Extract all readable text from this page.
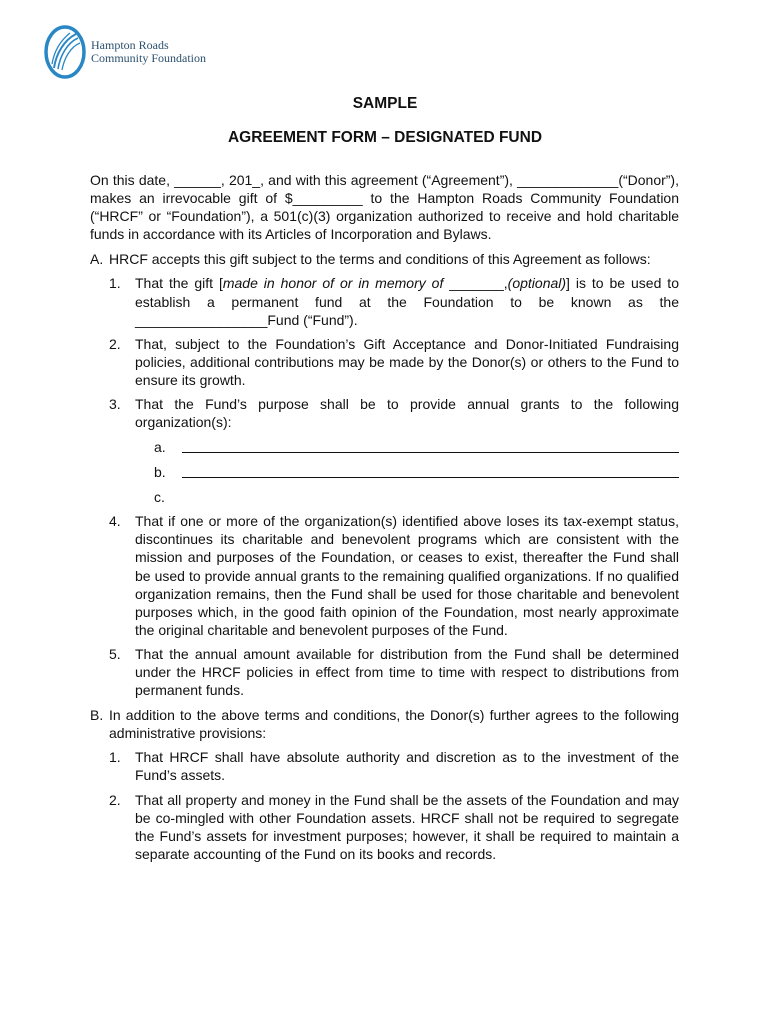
Hampton Roads
Community Foundation
SAMPLE
AGREEMENT FORM – DESIGNATED FUND

On this date, ______, 201_, and with this agreement (“Agreement”), _____________(“Donor”), makes an irrevocable gift of $_________ to the Hampton Roads Community Foundation (“HRCF” or “Foundation”), a 501(c)(3) organization authorized to receive and hold charitable funds in accordance with its Articles of Incorporation and Bylaws.

A. HRCF accepts this gift subject to the terms and conditions of this Agreement as follows:
1.	That the gift [made in honor of or in memory of _______,(optional)] is to be used to establish a permanent fund at the Foundation to be known as the _________________Fund (“Fund”).
2.	That, subject to the Foundation’s Gift Acceptance and Donor-Initiated Fundraising policies, additional contributions may be made by the Donor(s) or others to the Fund to ensure its growth.
3.	That the Fund’s purpose shall be to provide annual grants to the following organization(s):
a.
b.
c.
4.	That if one or more of the organization(s) identified above loses its tax-exempt status, discontinues its charitable and benevolent programs which are consistent with the mission and purposes of the Foundation, or ceases to exist, thereafter the Fund shall be used to provide annual grants to the remaining qualified organizations. If no qualified organization remains, then the Fund shall be used for those charitable and benevolent purposes which, in the good faith opinion of the Foundation, most nearly approximate the original charitable and benevolent purposes of the Fund.
5.	That the annual amount available for distribution from the Fund shall be determined under the HRCF policies in effect from time to time with respect to distributions from permanent funds.
B. In addition to the above terms and conditions, the Donor(s) further agrees to the following administrative provisions:
1.	That HRCF shall have absolute authority and discretion as to the investment of the Fund’s assets.
2.	That all property and money in the Fund shall be the assets of the Foundation and may be co-mingled with other Foundation assets. HRCF shall not be required to segregate the Fund’s assets for investment purposes; however, it shall be required to maintain a separate accounting of the Fund on its books and records.
